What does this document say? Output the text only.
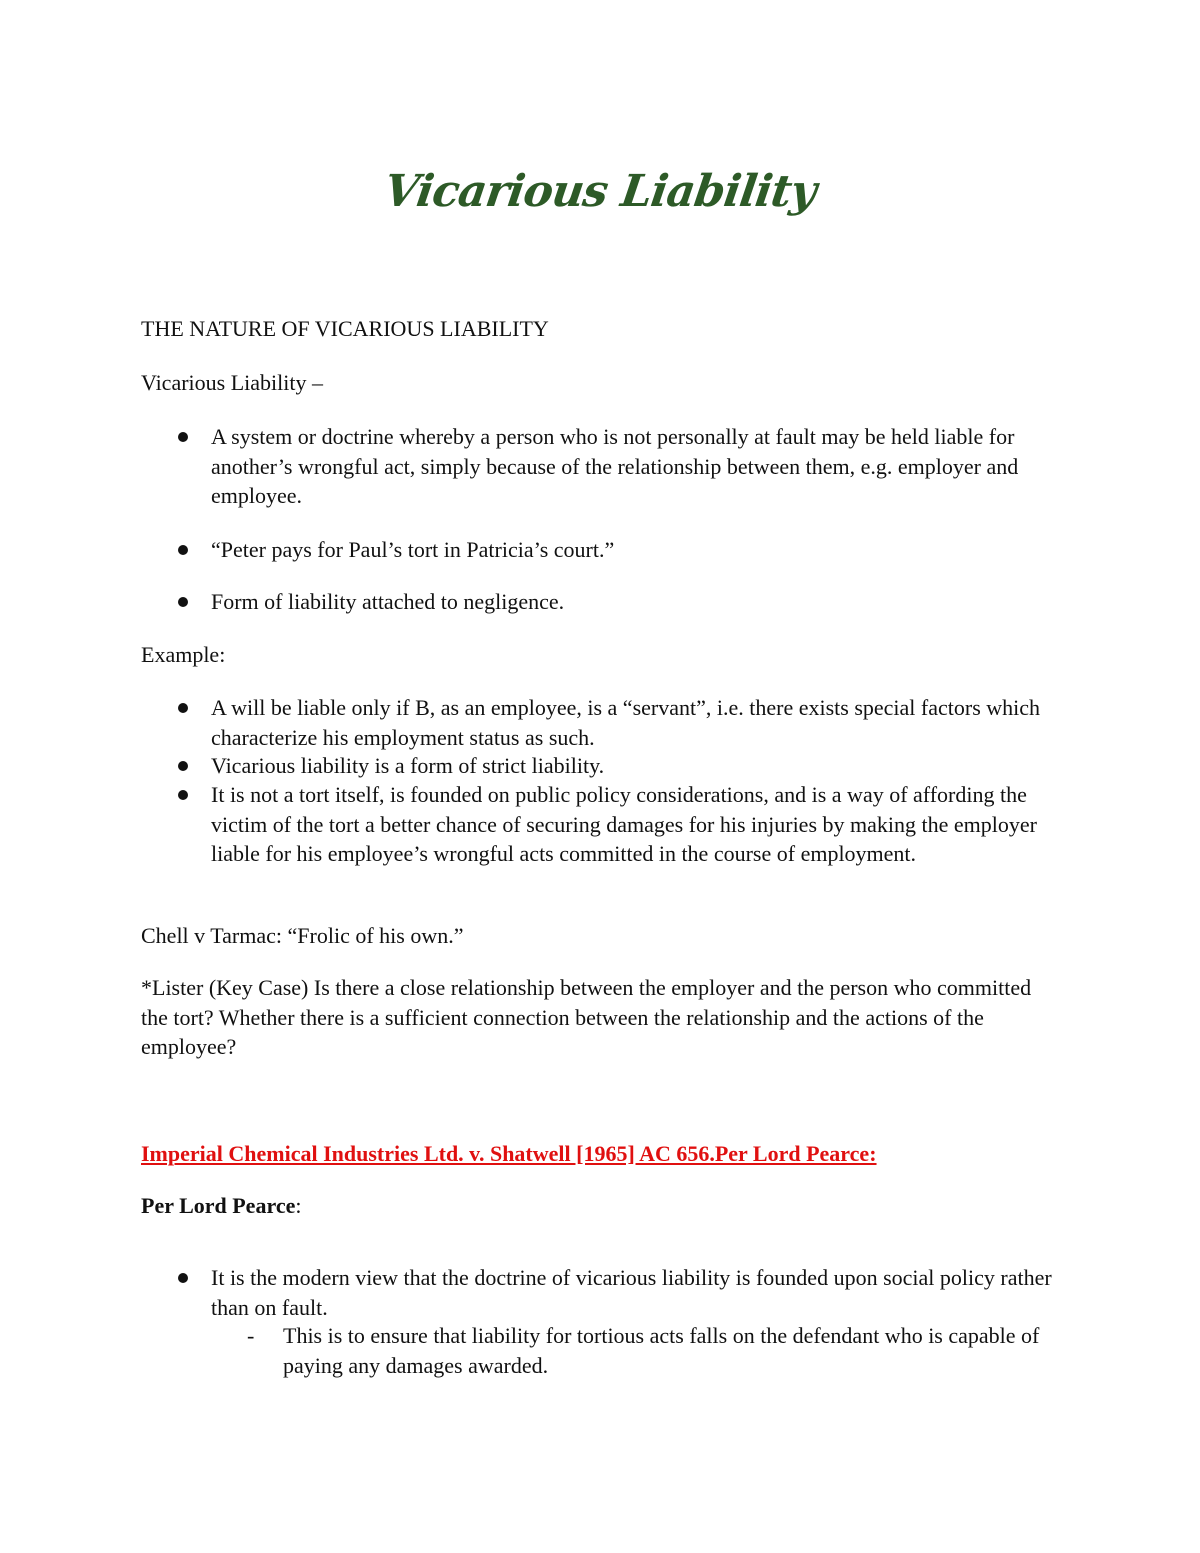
Vicarious Liability
THE NATURE OF VICARIOUS LIABILITY
Vicarious Liability –
A system or doctrine whereby a person who is not personally at fault may be held liable for another’s wrongful act, simply because of the relationship between them, e.g. employer and employee.
“Peter pays for Paul’s tort in Patricia’s court.”
Form of liability attached to negligence.
Example:
A will be liable only if B, as an employee, is a “servant”, i.e. there exists special factors which characterize his employment status as such.
Vicarious liability is a form of strict liability.
It is not a tort itself, is founded on public policy considerations, and is a way of affording the victim of the tort a better chance of securing damages for his injuries by making the employer liable for his employee’s wrongful acts committed in the course of employment.
Chell v Tarmac: “Frolic of his own.”
*Lister (Key Case) Is there a close relationship between the employer and the person who committed the tort? Whether there is a sufficient connection between the relationship and the actions of the employee?
Imperial Chemical Industries Ltd. v. Shatwell [1965] AC 656.Per Lord Pearce:
Per Lord Pearce:
It is the modern view that the doctrine of vicarious liability is founded upon social policy rather than on fault.
- This is to ensure that liability for tortious acts falls on the defendant who is capable of paying any damages awarded.
